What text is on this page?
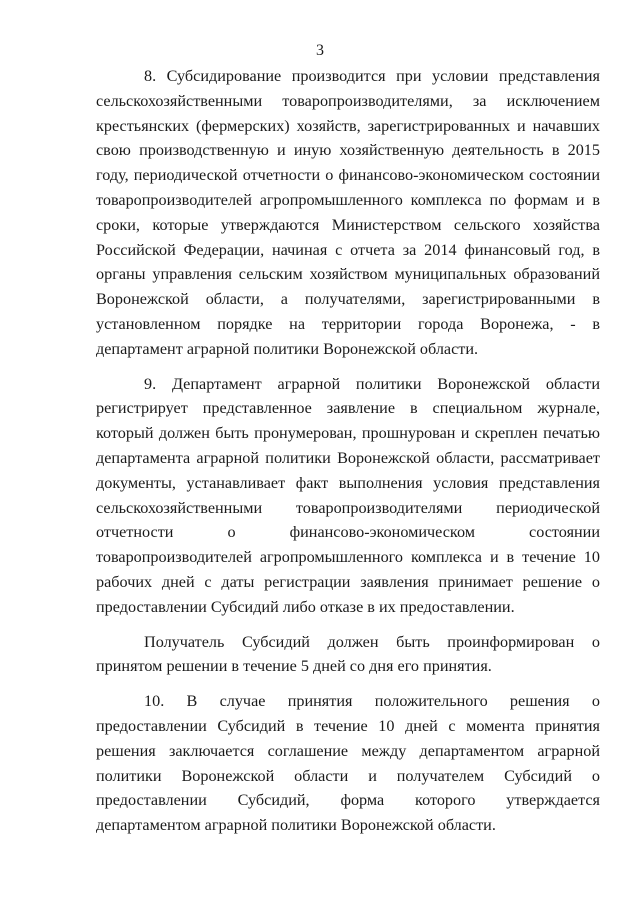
3

8. Субсидирование производится при условии представления сельскохозяйственными товаропроизводителями, за исключением крестьянских (фермерских) хозяйств, зарегистрированных и начавших свою производственную и иную хозяйственную деятельность в 2015 году, периодической отчетности о финансово-экономическом состоянии товаропроизводителей агропромышленного комплекса по формам и в сроки, которые утверждаются Министерством сельского хозяйства Российской Федерации, начиная с отчета за 2014 финансовый год, в органы управления сельским хозяйством муниципальных образований Воронежской области, а получателями, зарегистрированными в установленном порядке на территории города Воронежа, - в департамент аграрной политики Воронежской области.

9. Департамент аграрной политики Воронежской области регистрирует представленное заявление в специальном журнале, который должен быть пронумерован, прошнурован и скреплен печатью департамента аграрной политики Воронежской области, рассматривает документы, устанавливает факт выполнения условия представления сельскохозяйственными товаропроизводителями периодической отчетности о финансово-экономическом состоянии товаропроизводителей агропромышленного комплекса и в течение 10 рабочих дней с даты регистрации заявления принимает решение о предоставлении Субсидий либо отказе в их предоставлении.

Получатель Субсидий должен быть проинформирован о принятом решении в течение 5 дней со дня его принятия.

10. В случае принятия положительного решения о предоставлении Субсидий в течение 10 дней с момента принятия решения заключается соглашение между департаментом аграрной политики Воронежской области и получателем Субсидий о предоставлении Субсидий, форма которого утверждается департаментом аграрной политики Воронежской области.
